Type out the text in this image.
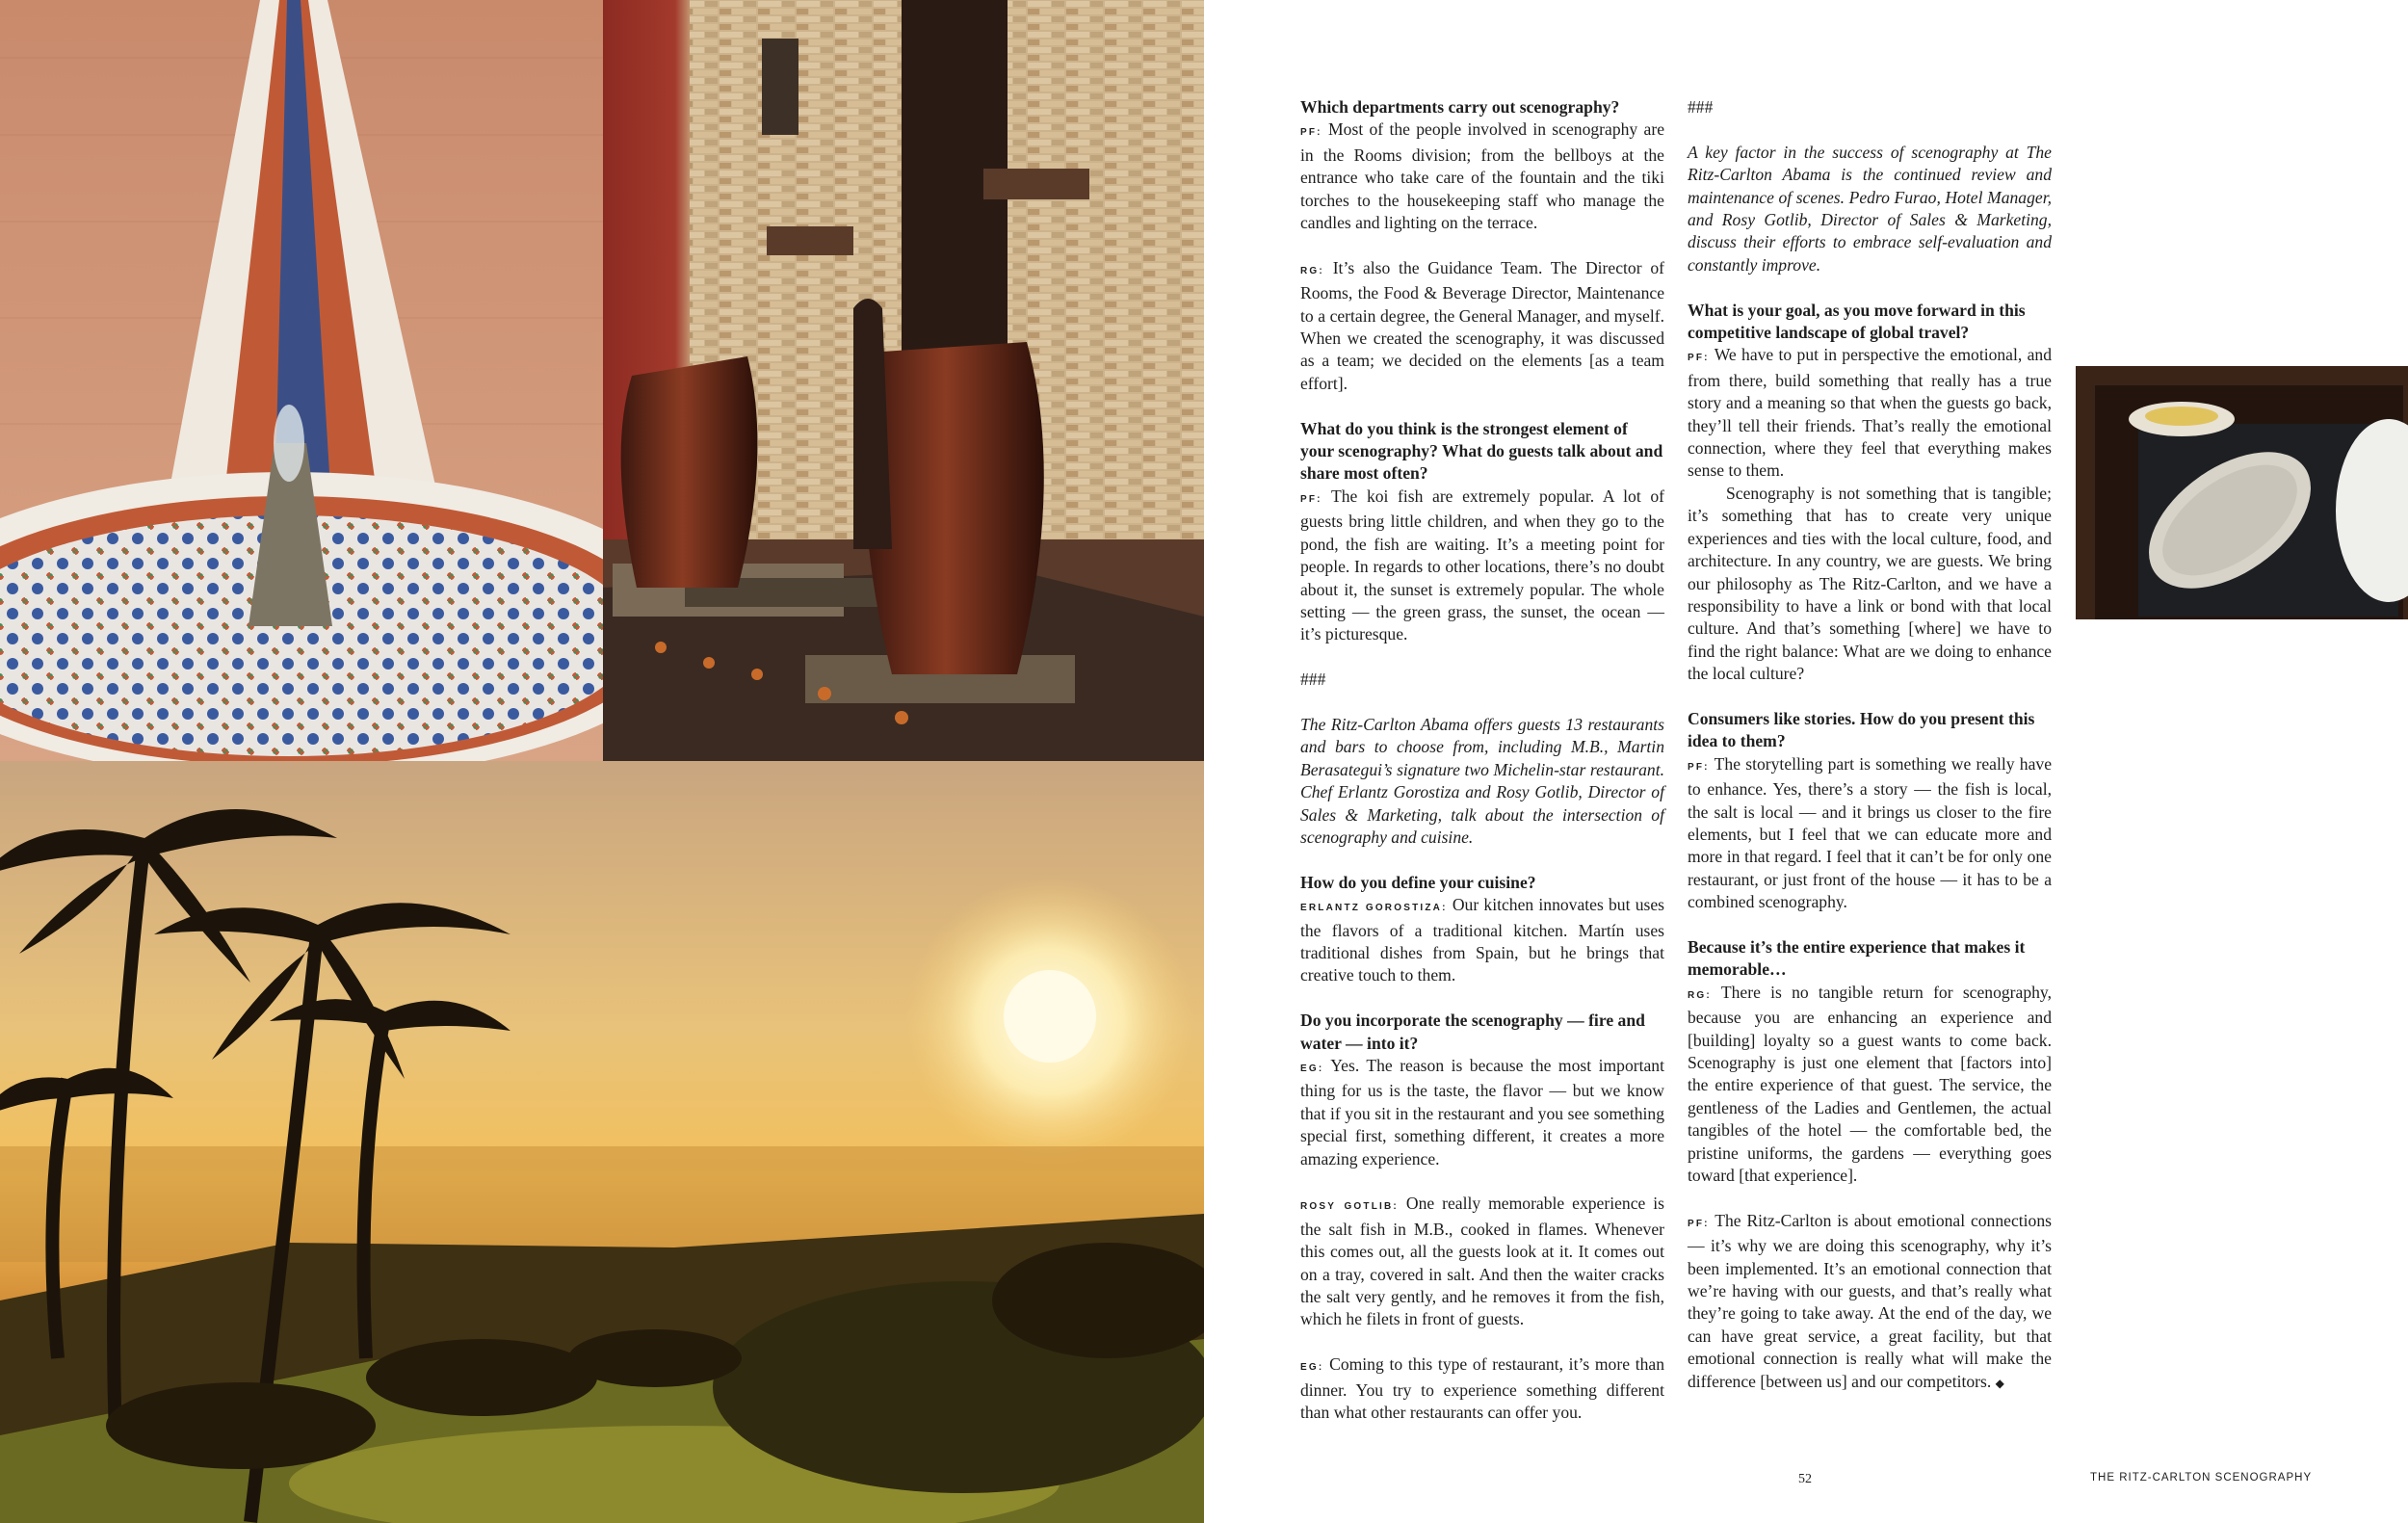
Which departments carry out scenography?

PF: Most of the people involved in scenography are in the Rooms division; from the bellboys at the entrance who take care of the fountain and the tiki torches to the housekeeping staff who manage the candles and lighting on the terrace.

RG: It’s also the Guidance Team. The Director of Rooms, the Food & Beverage Director, Maintenance to a certain degree, the General Manager, and myself. When we created the scenography, it was discussed as a team; we decided on the elements [as a team effort].

What do you think is the strongest element of your scenography? What do guests talk about and share most often?

PF: The koi fish are extremely popular. A lot of guests bring little children, and when they go to the pond, the fish are waiting. It’s a meeting point for people. In regards to other locations, there’s no doubt about it, the sunset is extremely popular. The whole setting — the green grass, the sunset, the ocean — it’s picturesque.

###

The Ritz-Carlton Abama offers guests 13 restaurants and bars to choose from, including M.B., Martin Berasategui’s signature two Michelin-star restaurant. Chef Erlantz Gorostiza and Rosy Gotlib, Director of Sales & Marketing, talk about the intersection of scenography and cuisine.

How do you define your cuisine?

ERLANTZ GOROSTIZA: Our kitchen innovates but uses the flavors of a traditional kitchen. Martín uses traditional dishes from Spain, but he brings that creative touch to them.

Do you incorporate the scenography — fire and water — into it?

EG: Yes. The reason is because the most important thing for us is the taste, the flavor — but we know that if you sit in the restaurant and you see something special first, something different, it creates a more amazing experience.

ROSY GOTLIB: One really memorable experience is the salt fish in M.B., cooked in flames. Whenever this comes out, all the guests look at it. It comes out on a tray, covered in salt. And then the waiter cracks the salt very gently, and he removes it from the fish, which he filets in front of guests.

EG: Coming to this type of restaurant, it’s more than dinner. You try to experience something different than what other restaurants can offer you.

###

A key factor in the success of scenography at The Ritz-Carlton Abama is the continued review and maintenance of scenes. Pedro Furao, Hotel Manager, and Rosy Gotlib, Director of Sales & Marketing, discuss their efforts to embrace self-evaluation and constantly improve.

What is your goal, as you move forward in this competitive landscape of global travel?

PF: We have to put in perspective the emotional, and from there, build something that really has a true story and a meaning so that when the guests go back, they’ll tell their friends. That’s really the emotional connection, where they feel that everything makes sense to them.

Scenography is not something that is tangible; it’s something that has to create very unique experiences and ties with the local culture, food, and architecture. In any country, we are guests. We bring our philosophy as The Ritz-Carlton, and we have a responsibility to have a link or bond with that local culture. And that’s something [where] we have to find the right balance: What are we doing to enhance the local culture?

Consumers like stories. How do you present this idea to them?

PF: The storytelling part is something we really have to enhance. Yes, there’s a story — the fish is local, the salt is local — and it brings us closer to the fire elements, but I feel that we can educate more and more in that regard. I feel that it can’t be for only one restaurant, or just front of the house — it has to be a combined scenography.

Because it’s the entire experience that makes it memorable…

RG: There is no tangible return for scenography, because you are enhancing an experience and [building] loyalty so a guest wants to come back. Scenography is just one element that [factors into] the entire experience of that guest. The service, the gentleness of the Ladies and Gentlemen, the actual tangibles of the hotel — the comfortable bed, the pristine uniforms, the gardens — everything goes toward [that experience].

PF: The Ritz-Carlton is about emotional connections — it’s why we are doing this scenography, why it’s been implemented. It’s an emotional connection that we’re having with our guests, and that’s really what they’re going to take away. At the end of the day, we can have great service, a great facility, but that emotional connection is really what will make the difference [between us] and our competitors. ◆

52	THE RITZ-CARLTON SCENOGRAPHY
